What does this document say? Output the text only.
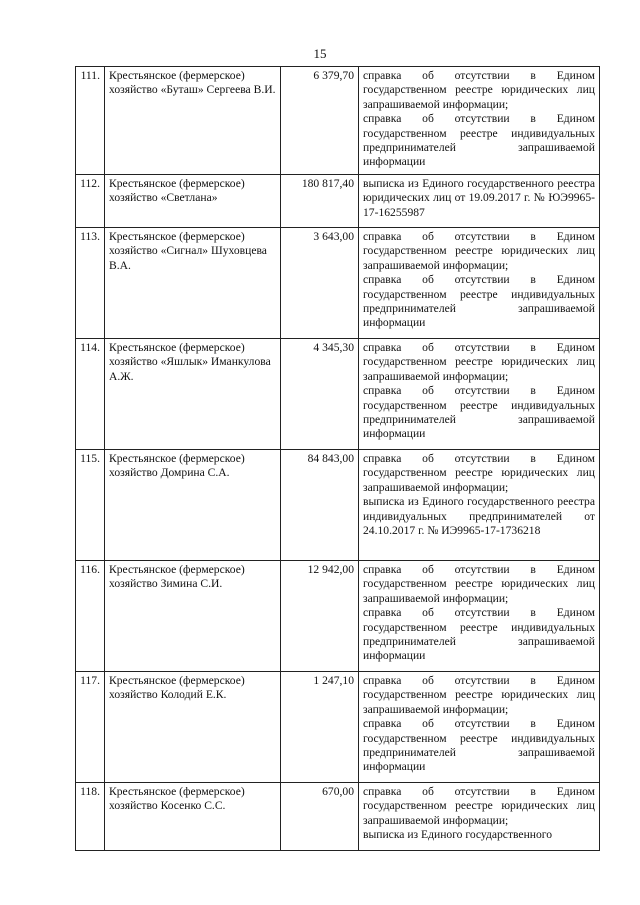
15
111.	Крестьянское (фермерское) хозяйство «Буташ» Сергеева В.И.	6 379,70	справка об отсутствии в Едином государственном реестре юридических лиц запрашиваемой информации;
справка об отсутствии в Едином государственном реестре индивидуальных предпринимателей запрашиваемой информации

112.	Крестьянское (фермерское) хозяйство «Светлана»	180 817,40	выписка из Единого государственного реестра юридических лиц от 19.09.2017 г. № ЮЭ9965-17-16255987

113.	Крестьянское (фермерское) хозяйство «Сигнал» Шуховцева В.А.	3 643,00	справка об отсутствии в Едином государственном реестре юридических лиц запрашиваемой информации;
справка об отсутствии в Едином государственном реестре индивидуальных предпринимателей запрашиваемой информации

114.	Крестьянское (фермерское) хозяйство «Яшлык» Иманкулова А.Ж.	4 345,30	справка об отсутствии в Едином государственном реестре юридических лиц запрашиваемой информации;
справка об отсутствии в Едином государственном реестре индивидуальных предпринимателей запрашиваемой информации

115.	Крестьянское (фермерское) хозяйство Домрина С.А.	84 843,00	справка об отсутствии в Едином государственном реестре юридических лиц запрашиваемой информации;
выписка из Единого государственного реестра индивидуальных предпринимателей от 24.10.2017 г. № ИЭ9965-17-1736218

116.	Крестьянское (фермерское) хозяйство Зимина С.И.	12 942,00	справка об отсутствии в Едином государственном реестре юридических лиц запрашиваемой информации;
справка об отсутствии в Едином государственном реестре индивидуальных предпринимателей запрашиваемой информации

117.	Крестьянское (фермерское) хозяйство Колодий Е.К.	1 247,10	справка об отсутствии в Едином государственном реестре юридических лиц запрашиваемой информации;
справка об отсутствии в Едином государственном реестре индивидуальных предпринимателей запрашиваемой информации

118.	Крестьянское (фермерское) хозяйство Косенко С.С.	670,00	справка об отсутствии в Едином государственном реестре юридических лиц запрашиваемой информации;
выписка из Единого государственного
